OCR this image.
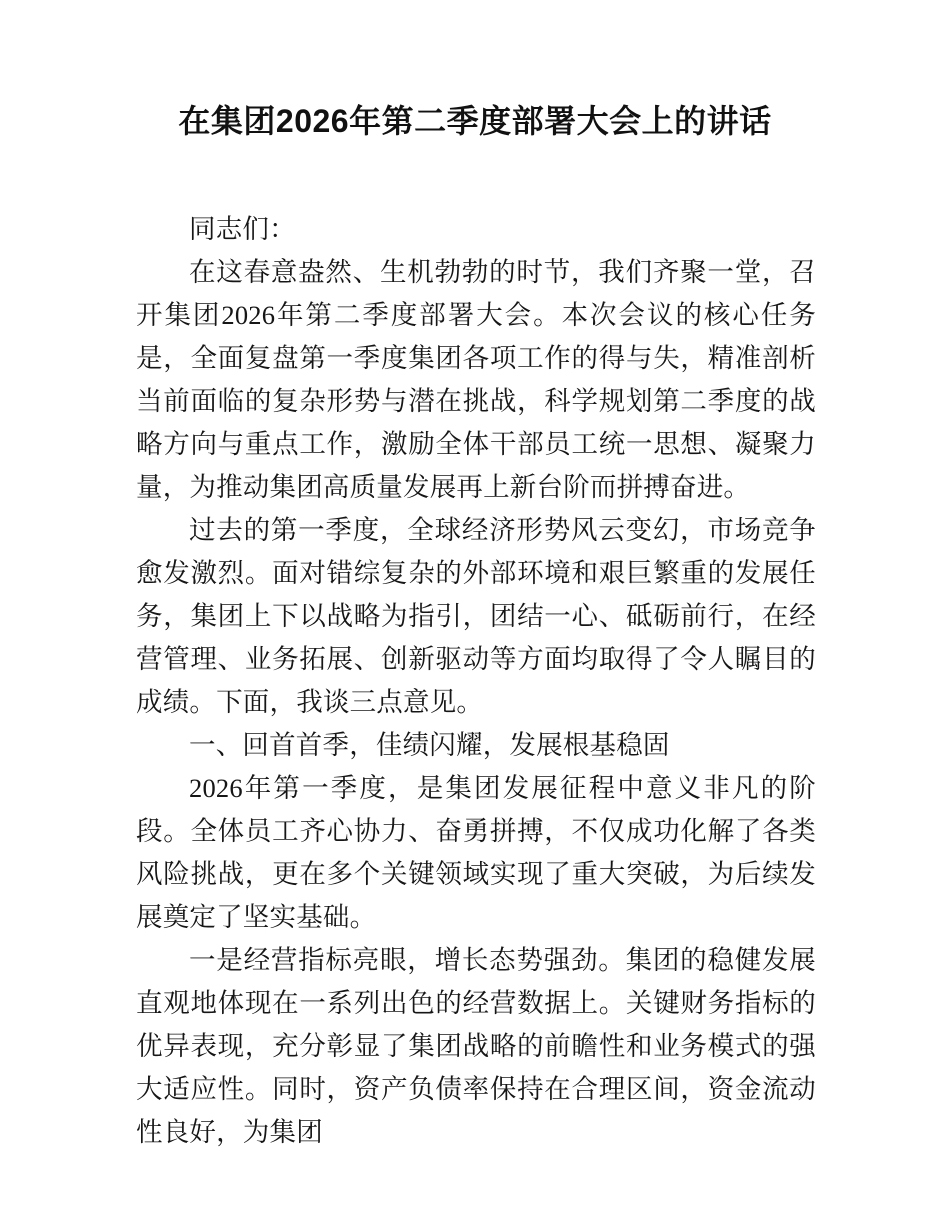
在集团2026年第二季度部署大会上的讲话

同志们：

在这春意盎然、生机勃勃的时节，我们齐聚一堂，召开集团2026年第二季度部署大会。本次会议的核心任务是，全面复盘第一季度集团各项工作的得与失，精准剖析当前面临的复杂形势与潜在挑战，科学规划第二季度的战略方向与重点工作，激励全体干部员工统一思想、凝聚力量，为推动集团高质量发展再上新台阶而拼搏奋进。

过去的第一季度，全球经济形势风云变幻，市场竞争愈发激烈。面对错综复杂的外部环境和艰巨繁重的发展任务，集团上下以战略为指引，团结一心、砥砺前行，在经营管理、业务拓展、创新驱动等方面均取得了令人瞩目的成绩。下面，我谈三点意见。

一、回首首季，佳绩闪耀，发展根基稳固

2026年第一季度，是集团发展征程中意义非凡的阶段。全体员工齐心协力、奋勇拼搏，不仅成功化解了各类风险挑战，更在多个关键领域实现了重大突破，为后续发展奠定了坚实基础。

一是经营指标亮眼，增长态势强劲。集团的稳健发展直观地体现在一系列出色的经营数据上。关键财务指标的优异表现，充分彰显了集团战略的前瞻性和业务模式的强大适应性。同时，资产负债率保持在合理区间，资金流动性良好，为集团
